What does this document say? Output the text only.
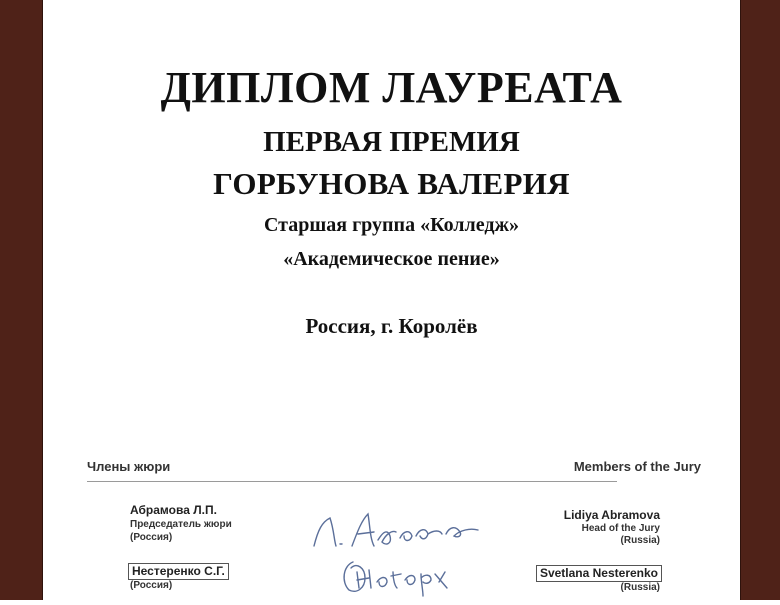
ДИПЛОМ ЛАУРЕАТА
ПЕРВАЯ ПРЕМИЯ
ГОРБУНОВА ВАЛЕРИЯ
Старшая группа «Колледж»
«Академическое пение»
Россия, г. Королёв
Члены жюри	Members of the Jury
Абрамова Л.П.
Председатель жюри
(Россия)
Lidiya Abramova
Head of the Jury
(Russia)
Нестеренко С.Г.
(Россия)
Svetlana Nesterenko
(Russia)
